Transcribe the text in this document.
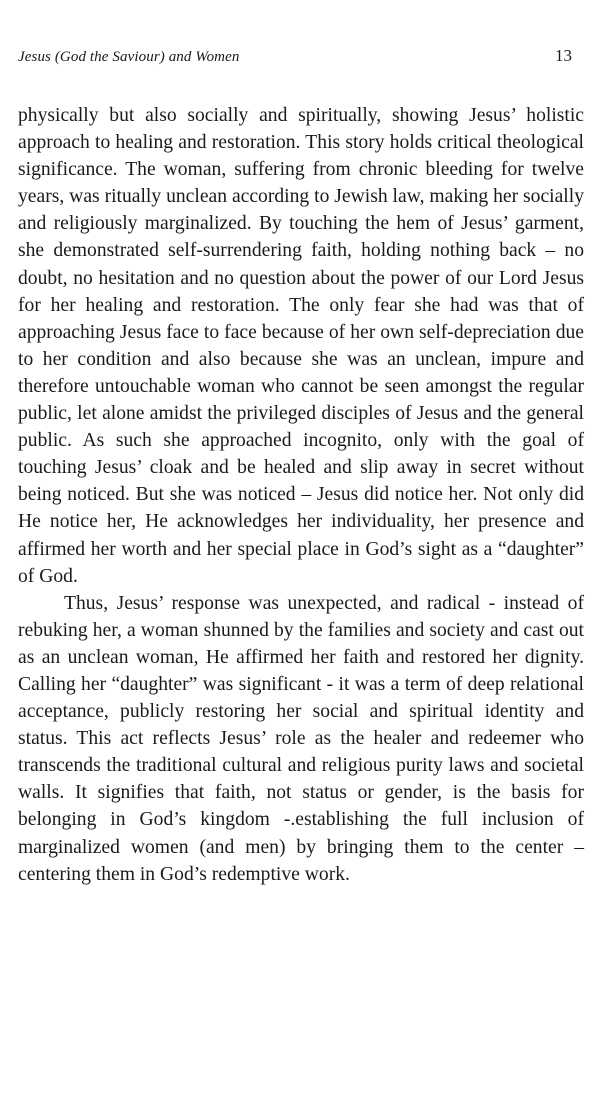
Jesus (God the Saviour) and Women	13

physically but also socially and spiritually, showing Jesus’ holistic approach to healing and restoration. This story holds critical theological significance. The woman, suffering from chronic bleeding for twelve years, was ritually unclean according to Jewish law, making her socially and religiously marginalized. By touching the hem of Jesus’ garment, she demonstrated self-surrendering faith, holding nothing back – no doubt, no hesitation and no question about the power of our Lord Jesus for her healing and restoration. The only fear she had was that of approaching Jesus face to face because of her own self-depreciation due to her condition and also because she was an unclean, impure and therefore untouchable woman who cannot be seen amongst the regular public, let alone amidst the privileged disciples of Jesus and the general public. As such she approached incognito, only with the goal of touching Jesus’ cloak and be healed and slip away in secret without being noticed. But she was noticed – Jesus did notice her. Not only did He notice her, He acknowledges her individuality, her presence and affirmed her worth and her special place in God’s sight as a “daughter” of God.

Thus, Jesus’ response was unexpected, and radical - instead of rebuking her, a woman shunned by the families and society and cast out as an unclean woman, He affirmed her faith and restored her dignity. Calling her “daughter” was significant - it was a term of deep relational acceptance, publicly restoring her social and spiritual identity and status. This act reflects Jesus’ role as the healer and redeemer who transcends the traditional cultural and religious purity laws and societal walls. It signifies that faith, not status or gender, is the basis for belonging in God’s kingdom -.establishing the full inclusion of marginalized women (and men) by bringing them to the center – centering them in God’s redemptive work.
